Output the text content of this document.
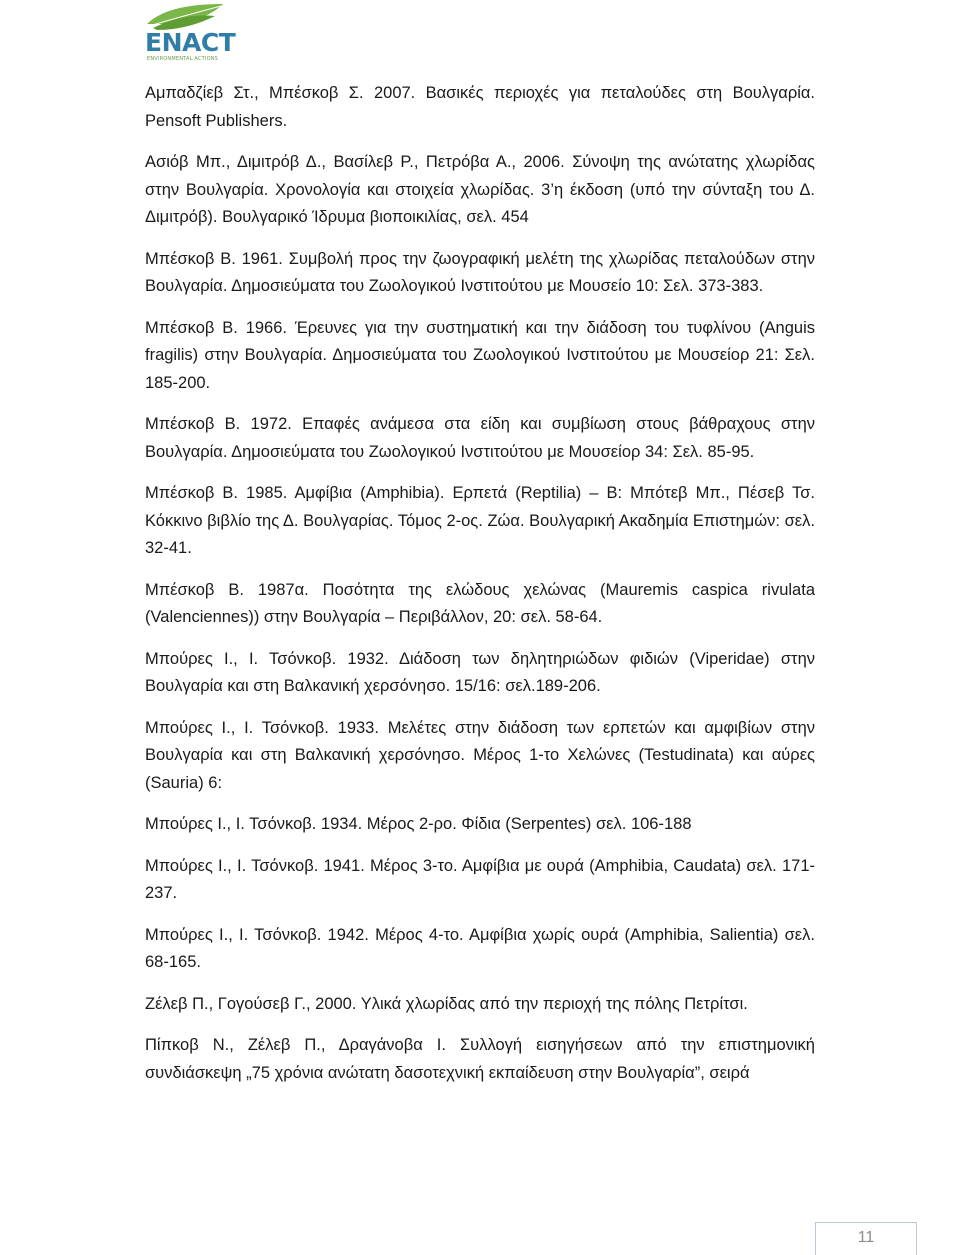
ENACT
ENVIRONMENTAL ACTIONS

Αμπαδζίεβ Στ., Μπέσκοβ Σ. 2007. Βασικές περιοχές για πεταλούδες στη Βουλγαρία. Pensoft Publishers.

Ασιόβ Μπ., Διμιτρόβ Δ., Βασίλεβ Ρ., Πετρόβα Α., 2006. Σύνοψη της ανώτατης χλωρίδας στην Βουλγαρία. Χρονολογία και στοιχεία χλωρίδας. 3’η έκδοση (υπό την σύνταξη του Δ. Διμιτρόβ). Βουλγαρικό Ίδρυμα βιοποικιλίας, σελ. 454

Μπέσκοβ Β. 1961. Συμβολή προς την ζωογραφική μελέτη της χλωρίδας πεταλούδων στην Βουλγαρία. Δημοσιεύματα του Ζωολογικού Ινστιτούτου με Μουσείο 10: Σελ. 373-383.

Μπέσκοβ Β. 1966. Έρευνες για την συστηματική και την διάδοση του τυφλίνου (Anguis fragilis) στην Βουλγαρία. Δημοσιεύματα του Ζωολογικού Ινστιτούτου με Μουσείορ 21: Σελ. 185-200.

Μπέσκοβ Β. 1972. Επαφές ανάμεσα στα είδη και συμβίωση στους βάθραχους στην Βουλγαρία. Δημοσιεύματα του Ζωολογικού Ινστιτούτου με Μουσείορ 34: Σελ. 85-95.

Μπέσκοβ Β. 1985. Αμφίβια (Amphibia). Ερπετά (Reptilia) – Β: Μπότεβ Μπ., Πέσεβ Τσ. Κόκκινο βιβλίο της Δ. Βουλγαρίας. Τόμος 2-ος. Ζώα. Βουλγαρική Ακαδημία Επιστημών: σελ. 32-41.

Μπέσκοβ Β. 1987α. Ποσότητα της ελώδους χελώνας (Mauremis caspica rivulata (Valenciennes)) στην Βουλγαρία – Περιβάλλον, 20: σελ. 58-64.

Μπούρες Ι., Ι. Τσόνκοβ. 1932. Διάδοση των δηλητηριώδων φιδιών (Viperidae) στην Βουλγαρία και στη Βαλκανική χερσόνησο. 15/16: σελ.189-206.

Μπούρες Ι., Ι. Τσόνκοβ. 1933. Μελέτες στην διάδοση των ερπετών και αμφιβίων στην Βουλγαρία και στη Βαλκανική χερσόνησο. Μέρος 1-το Χελώνες (Testudinata) και αύρες (Sauria) 6:

Μπούρες Ι., Ι. Τσόνκοβ. 1934. Μέρος 2-ρο. Φίδια (Serpentes) σελ. 106-188

Μπούρες Ι., Ι. Τσόνκοβ. 1941. Μέρος 3-το. Αμφίβια με ουρά (Amphibia, Caudata) σελ. 171-237.

Μπούρες Ι., Ι. Τσόνκοβ. 1942. Μέρος 4-το. Αμφίβια χωρίς ουρά (Amphibia, Salientia) σελ. 68-165.

Ζέλεβ Π., Γογούσεβ Γ., 2000. Υλικά χλωρίδας από την περιοχή της πόλης Πετρίτσι.

Πίπκοβ Ν., Ζέλεβ Π., Δραγάνοβα Ι. Συλλογή εισηγήσεων από την επιστημονική συνδιάσκεψη „75 χρόνια ανώτατη δασοτεχνική εκπαίδευση στην Βουλγαρία”, σειρά

11
